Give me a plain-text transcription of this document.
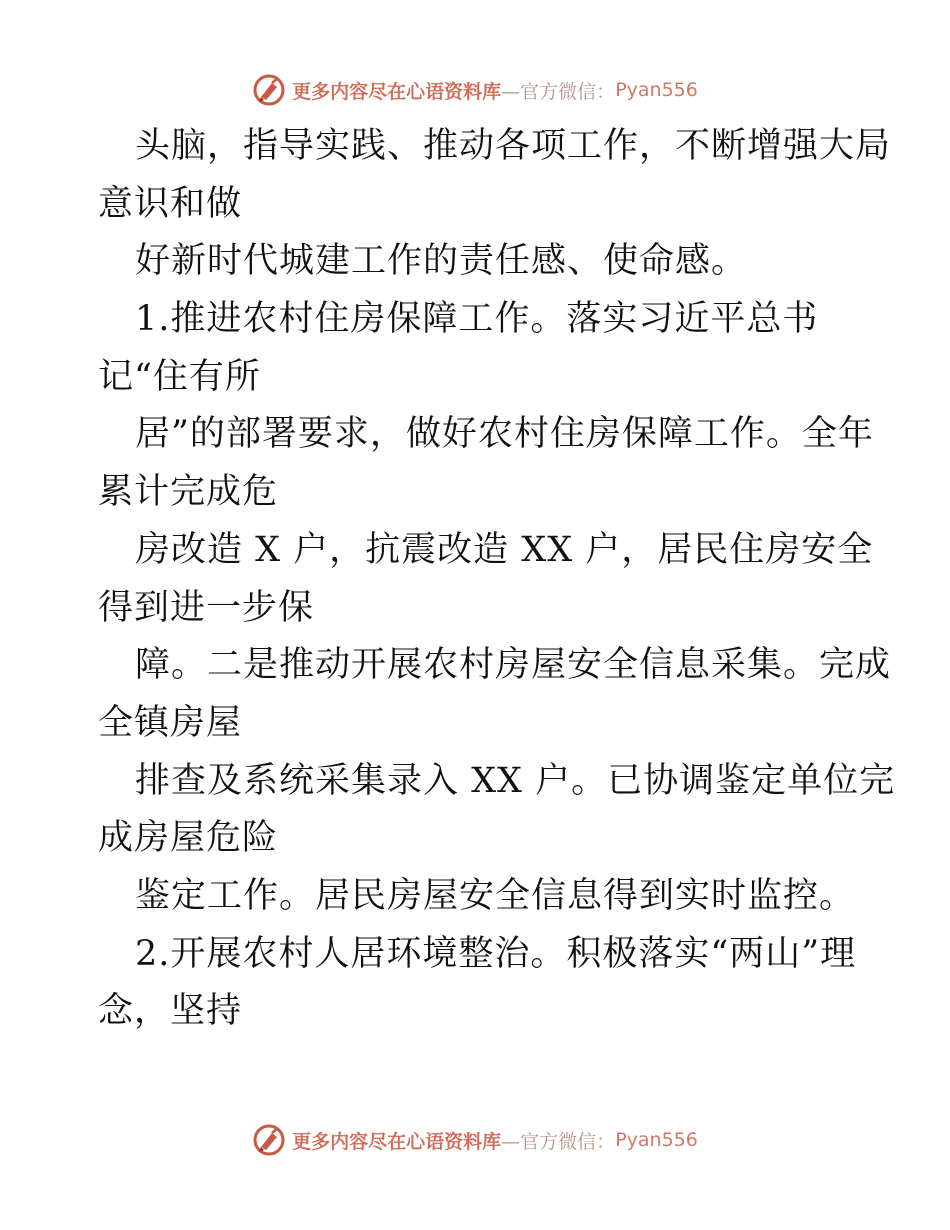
更多内容尽在心语资料库 —官方微信： Pyan556
头脑，指导实践、推动各项工作，不断增强大局
意识和做
好新时代城建工作的责任感、使命感。
1.推进农村住房保障工作。落实习近平总书
记“住有所
居”的部署要求，做好农村住房保障工作。全年
累计完成危
房改造 X 户，抗震改造 XX 户，居民住房安全
得到进一步保
障。二是推动开展农村房屋安全信息采集。完成
全镇房屋
排查及系统采集录入 XX 户。已协调鉴定单位完
成房屋危险
鉴定工作。居民房屋安全信息得到实时监控。
2.开展农村人居环境整治。积极落实“两山”理
念，坚持
更多内容尽在心语资料库 —官方微信： Pyan556
